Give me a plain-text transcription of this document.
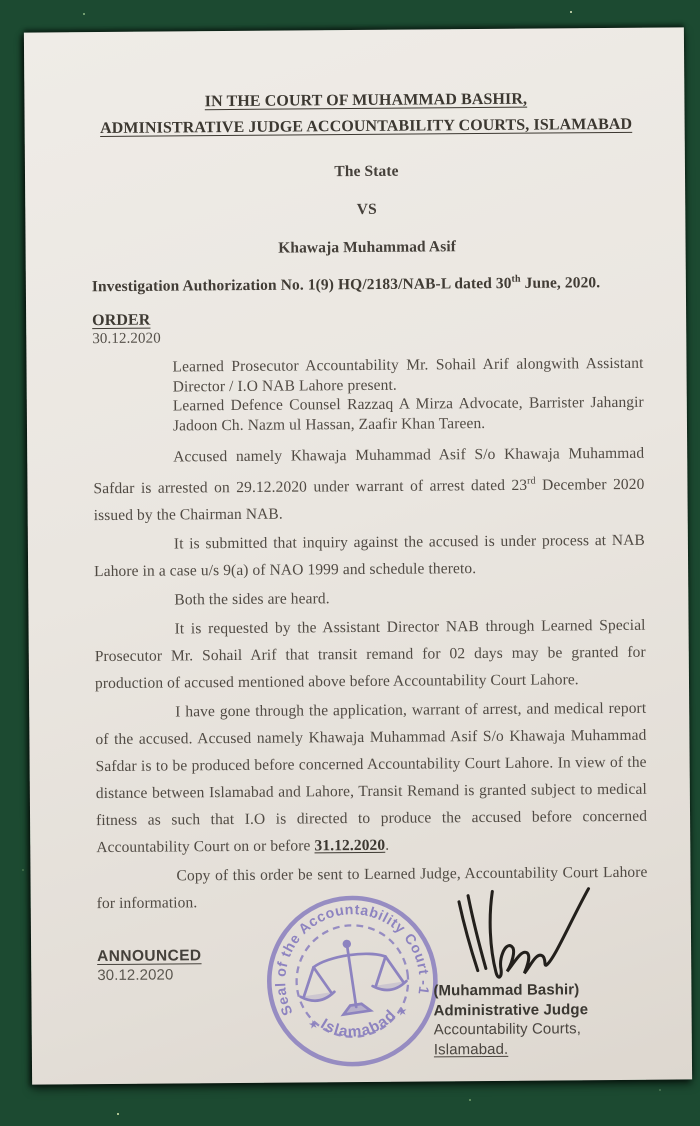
IN THE COURT OF MUHAMMAD BASHIR,
ADMINISTRATIVE JUDGE ACCOUNTABILITY COURTS, ISLAMABAD
The State
VS
Khawaja Muhammad Asif
Investigation Authorization No. 1(9) HQ/2183/NAB-L dated 30th June, 2020.
ORDER
30.12.2020
Learned Prosecutor Accountability Mr. Sohail Arif alongwith Assistant Director / I.O NAB Lahore present.
Learned Defence Counsel Razzaq A Mirza Advocate, Barrister Jahangir Jadoon Ch. Nazm ul Hassan, Zaafir Khan Tareen.

Accused namely Khawaja Muhammad Asif S/o Khawaja Muhammad Safdar is arrested on 29.12.2020 under warrant of arrest dated 23rd December 2020 issued by the Chairman NAB.

It is submitted that inquiry against the accused is under process at NAB Lahore in a case u/s 9(a) of NAO 1999 and schedule thereto.

Both the sides are heard.

It is requested by the Assistant Director NAB through Learned Special Prosecutor Mr. Sohail Arif that transit remand for 02 days may be granted for production of accused mentioned above before Accountability Court Lahore.

I have gone through the application, warrant of arrest, and medical report of the accused. Accused namely Khawaja Muhammad Asif S/o Khawaja Muhammad Safdar is to be produced before concerned Accountability Court Lahore. In view of the distance between Islamabad and Lahore, Transit Remand is granted subject to medical fitness as such that I.O is directed to produce the accused before concerned Accountability Court on or before 31.12.2020.

Copy of this order be sent to Learned Judge, Accountability Court Lahore for information.

ANNOUNCED
30.12.2020
Seal of the Accountability Court -1
Islamabad
★
★
(Muhammad Bashir)
Administrative Judge
Accountability Courts,
Islamabad.
